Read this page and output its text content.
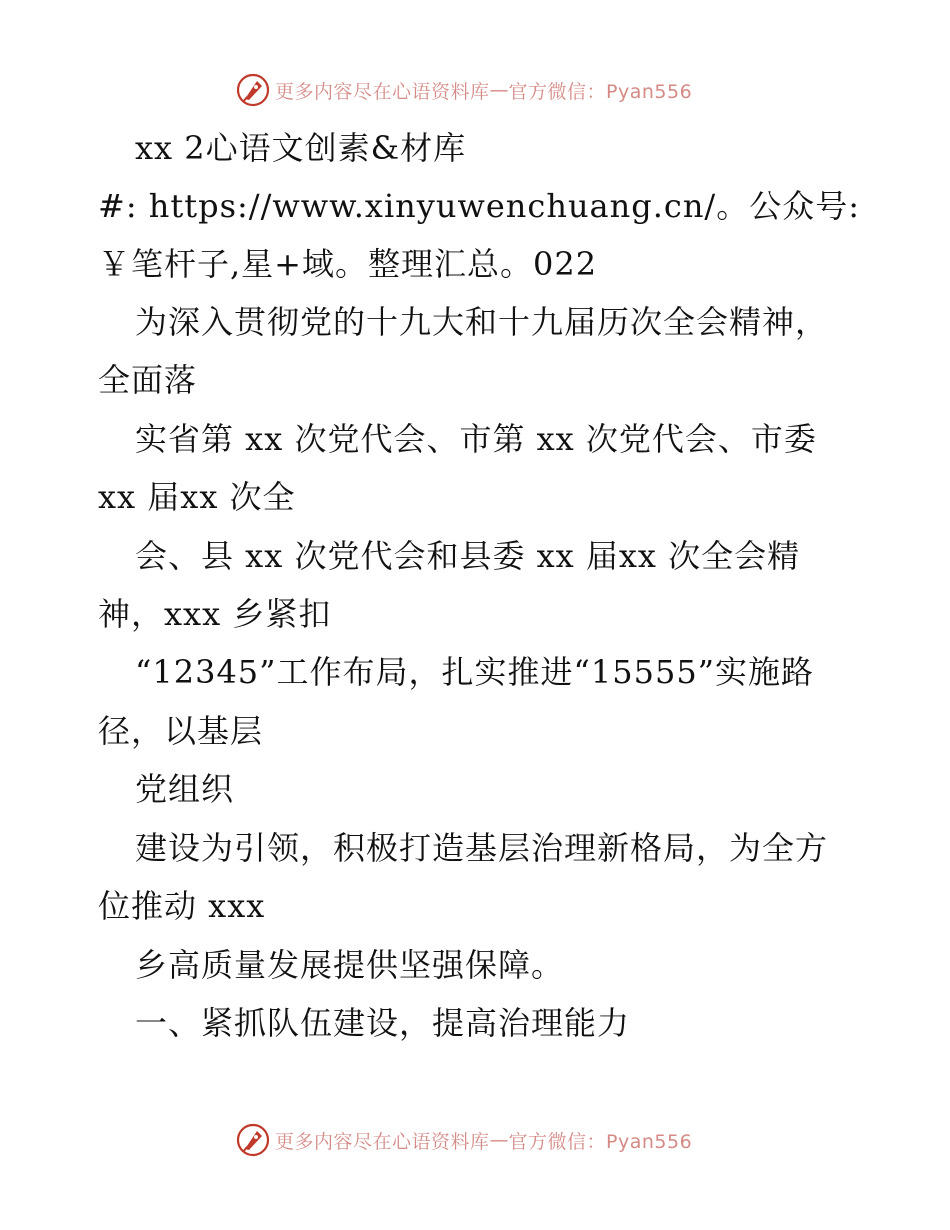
更多内容尽在心语资料库 — 官方微信：Pyan556
xx 2心语文创素&材库
#: https://www.xinyuwenchuang.cn/。公众号:
￥笔杆子,星+域。整理汇总。022
为深入贯彻党的十九大和十九届历次全会精神，
全面落
实省第 xx 次党代会、市第 xx 次党代会、市委
xx 届xx 次全
会、县 xx 次党代会和县委 xx 届xx 次全会精
神，xxx 乡紧扣
“12345”工作布局，扎实推进“15555”实施路
径，以基层
党组织
建设为引领，积极打造基层治理新格局，为全方
位推动 xxx
乡高质量发展提供坚强保障。
一、紧抓队伍建设，提高治理能力
更多内容尽在心语资料库 — 官方微信：Pyan556
